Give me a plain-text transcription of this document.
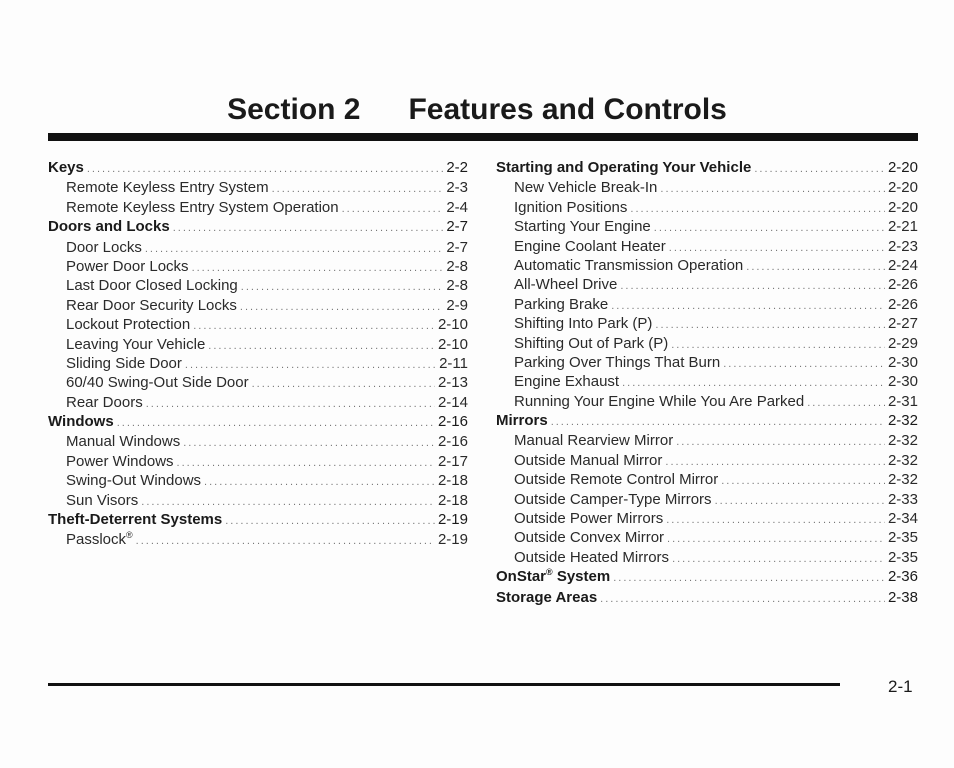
Section 2 Features and Controls
Keys .....	2-2
Remote Keyless Entry System .....	2-3
Remote Keyless Entry System Operation .....	2-4
Doors and Locks .....	2-7
Door Locks .....	2-7
Power Door Locks .....	2-8
Last Door Closed Locking .....	2-8
Rear Door Security Locks .....	2-9
Lockout Protection .....	2-10
Leaving Your Vehicle .....	2-10
Sliding Side Door .....	2-11
60/40 Swing-Out Side Door .....	2-13
Rear Doors .....	2-14
Windows .....	2-16
Manual Windows .....	2-16
Power Windows .....	2-17
Swing-Out Windows .....	2-18
Sun Visors .....	2-18
Theft-Deterrent Systems .....	2-19
Passlock® .....	2-19
Starting and Operating Your Vehicle .....	2-20
New Vehicle Break-In .....	2-20
Ignition Positions .....	2-20
Starting Your Engine .....	2-21
Engine Coolant Heater .....	2-23
Automatic Transmission Operation .....	2-24
All-Wheel Drive .....	2-26
Parking Brake .....	2-26
Shifting Into Park (P) .....	2-27
Shifting Out of Park (P) .....	2-29
Parking Over Things That Burn .....	2-30
Engine Exhaust .....	2-30
Running Your Engine While You Are Parked .....	2-31
Mirrors .....	2-32
Manual Rearview Mirror .....	2-32
Outside Manual Mirror .....	2-32
Outside Remote Control Mirror .....	2-32
Outside Camper-Type Mirrors .....	2-33
Outside Power Mirrors .....	2-34
Outside Convex Mirror .....	2-35
Outside Heated Mirrors .....	2-35
OnStar® System .....	2-36
Storage Areas .....	2-38
2-1
